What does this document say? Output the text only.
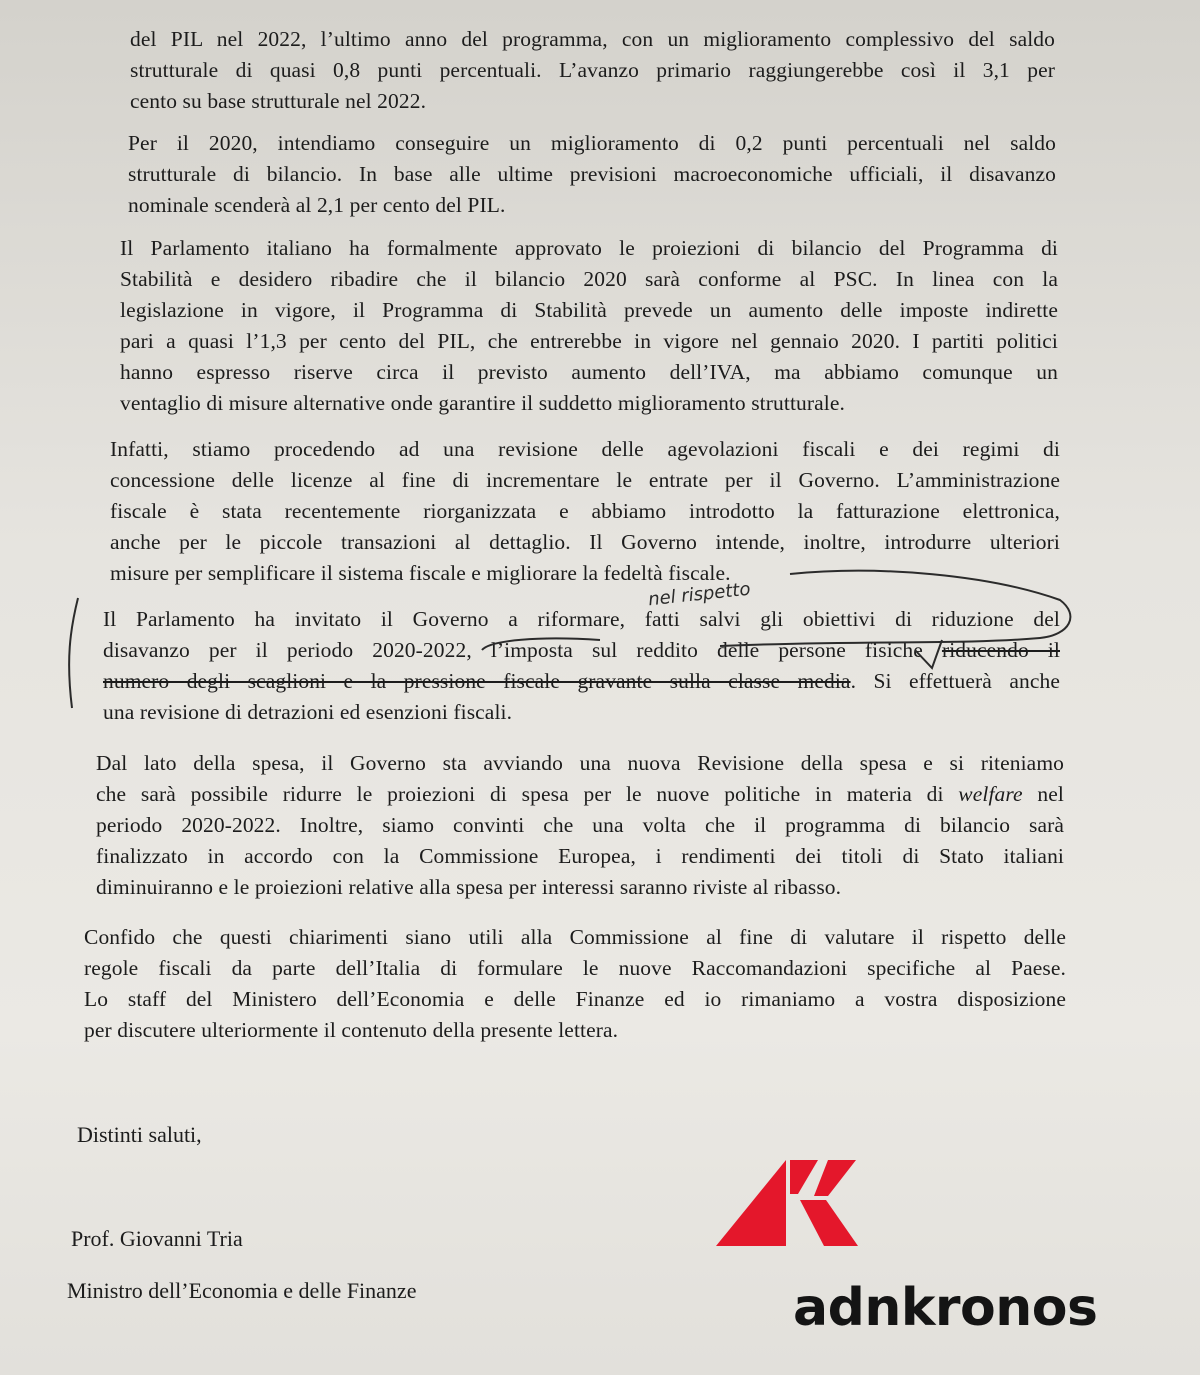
del PIL nel 2022, l’ultimo anno del programma, con un miglioramento complessivo del saldo
strutturale di quasi 0,8 punti percentuali. L’avanzo primario raggiungerebbe così il 3,1 per
cento su base strutturale nel 2022.
Per il 2020, intendiamo conseguire un miglioramento di 0,2 punti percentuali nel saldo
strutturale di bilancio. In base alle ultime previsioni macroeconomiche ufficiali, il disavanzo
nominale scenderà al 2,1 per cento del PIL.
Il Parlamento italiano ha formalmente approvato le proiezioni di bilancio del Programma di
Stabilità e desidero ribadire che il bilancio 2020 sarà conforme al PSC. In linea con la
legislazione in vigore, il Programma di Stabilità prevede un aumento delle imposte indirette
pari a quasi l’1,3 per cento del PIL, che entrerebbe in vigore nel gennaio 2020. I partiti politici
hanno espresso riserve circa il previsto aumento dell’IVA, ma abbiamo comunque un
ventaglio di misure alternative onde garantire il suddetto miglioramento strutturale.
Infatti, stiamo procedendo ad una revisione delle agevolazioni fiscali e dei regimi di
concessione delle licenze al fine di incrementare le entrate per il Governo. L’amministrazione
fiscale è stata recentemente riorganizzata e abbiamo introdotto la fatturazione elettronica,
anche per le piccole transazioni al dettaglio. Il Governo intende, inoltre, introdurre ulteriori
misure per semplificare il sistema fiscale e migliorare la fedeltà fiscale.
Il Parlamento ha invitato il Governo a riformare, fatti salvi gli obiettivi di riduzione del
disavanzo per il periodo 2020-2022, l’imposta sul reddito delle persone fisiche riducendo il
numero degli scaglioni e la pressione fiscale gravante sulla classe media. Si effettuerà anche
una revisione di detrazioni ed esenzioni fiscali.
Dal lato della spesa, il Governo sta avviando una nuova Revisione della spesa e si riteniamo
che sarà possibile ridurre le proiezioni di spesa per le nuove politiche in materia di welfare nel
periodo 2020-2022. Inoltre, siamo convinti che una volta che il programma di bilancio sarà
finalizzato in accordo con la Commissione Europea, i rendimenti dei titoli di Stato italiani
diminuiranno e le proiezioni relative alla spesa per interessi saranno riviste al ribasso.
Confido che questi chiarimenti siano utili alla Commissione al fine di valutare il rispetto delle
regole fiscali da parte dell’Italia di formulare le nuove Raccomandazioni specifiche al Paese.
Lo staff del Ministero dell’Economia e delle Finanze ed io rimaniamo a vostra disposizione
per discutere ulteriormente il contenuto della presente lettera.
nel rispetto
Distinti saluti,
Prof. Giovanni Tria
Ministro dell’Economia e delle Finanze	adnkronos
